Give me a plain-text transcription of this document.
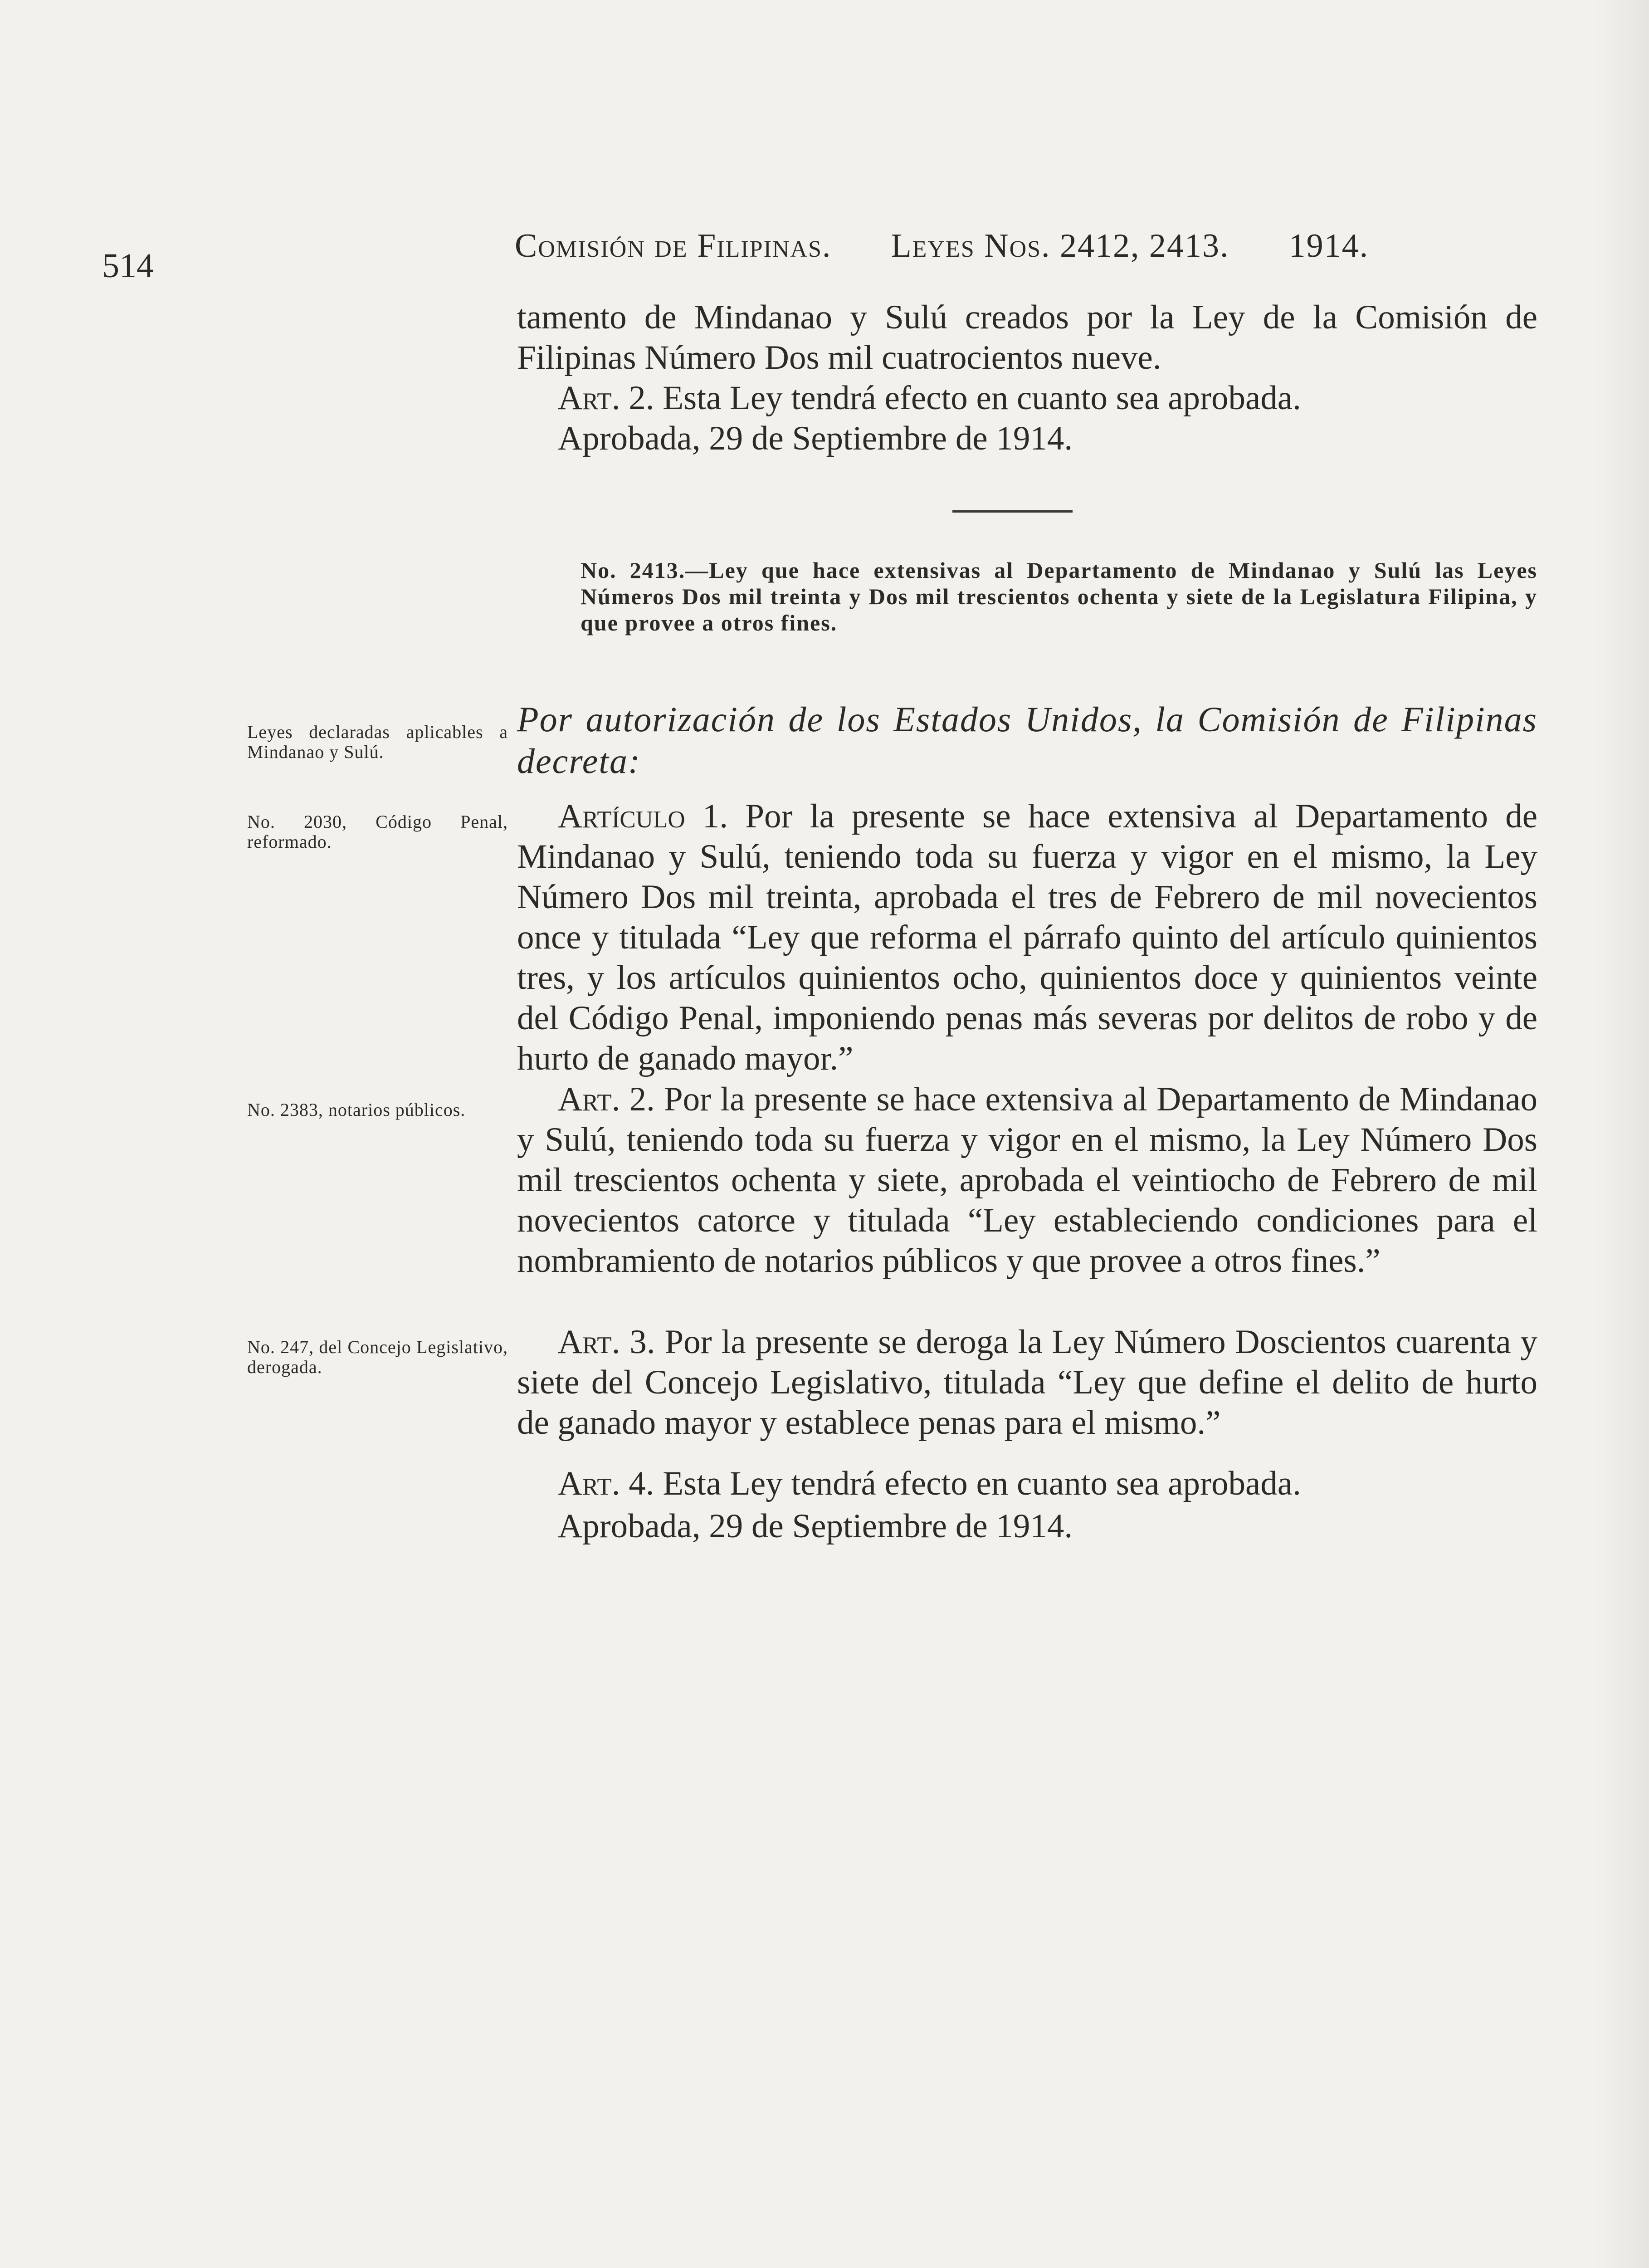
514
Comisión de Filipinas. Leyes Nos. 2412, 2413. 1914.

tamento de Mindanao y Sulú creados por la Ley de la Comisión de Filipinas Número Dos mil cuatrocientos nueve.

Art. 2. Esta Ley tendrá efecto en cuanto sea aprobada.

Aprobada, 29 de Septiembre de 1914.

No. 2413.—Ley que hace extensivas al Departamento de Mindanao y Sulú las Leyes Números Dos mil treinta y Dos mil trescientos ochenta y siete de la Legislatura Filipina, y que provee a otros fines.

Leyes declaradas aplicables a Mindanao y Sulú.

Por autorización de los Estados Unidos, la Comisión de Filipinas decreta:

No. 2030, Código Penal, reformado.

Artículo 1. Por la presente se hace extensiva al Departamento de Mindanao y Sulú, teniendo toda su fuerza y vigor en el mismo, la Ley Número Dos mil treinta, aprobada el tres de Febrero de mil novecientos once y titulada “Ley que reforma el párrafo quinto del artículo quinientos tres, y los artículos quinientos ocho, quinientos doce y quinientos veinte del Código Penal, imponiendo penas más severas por delitos de robo y de hurto de ganado mayor.”

No. 2383, notarios públicos.	Art. 2. Por la presente se hace extensiva al Departamento de Mindanao y Sulú, teniendo toda su fuerza y vigor en el mismo, la Ley Número Dos mil trescientos ochenta y siete, aprobada el veintiocho de Febrero de mil novecientos catorce y titulada “Ley estableciendo condiciones para el nombramiento de notarios públicos y que provee a otros fines.”

No. 247, del Concejo Legislativo, derogada.

Art. 3. Por la presente se deroga la Ley Número Doscientos cuarenta y siete del Concejo Legislativo, titulada “Ley que define el delito de hurto de ganado mayor y establece penas para el mismo.”

Art. 4. Esta Ley tendrá efecto en cuanto sea aprobada.

Aprobada, 29 de Septiembre de 1914.
